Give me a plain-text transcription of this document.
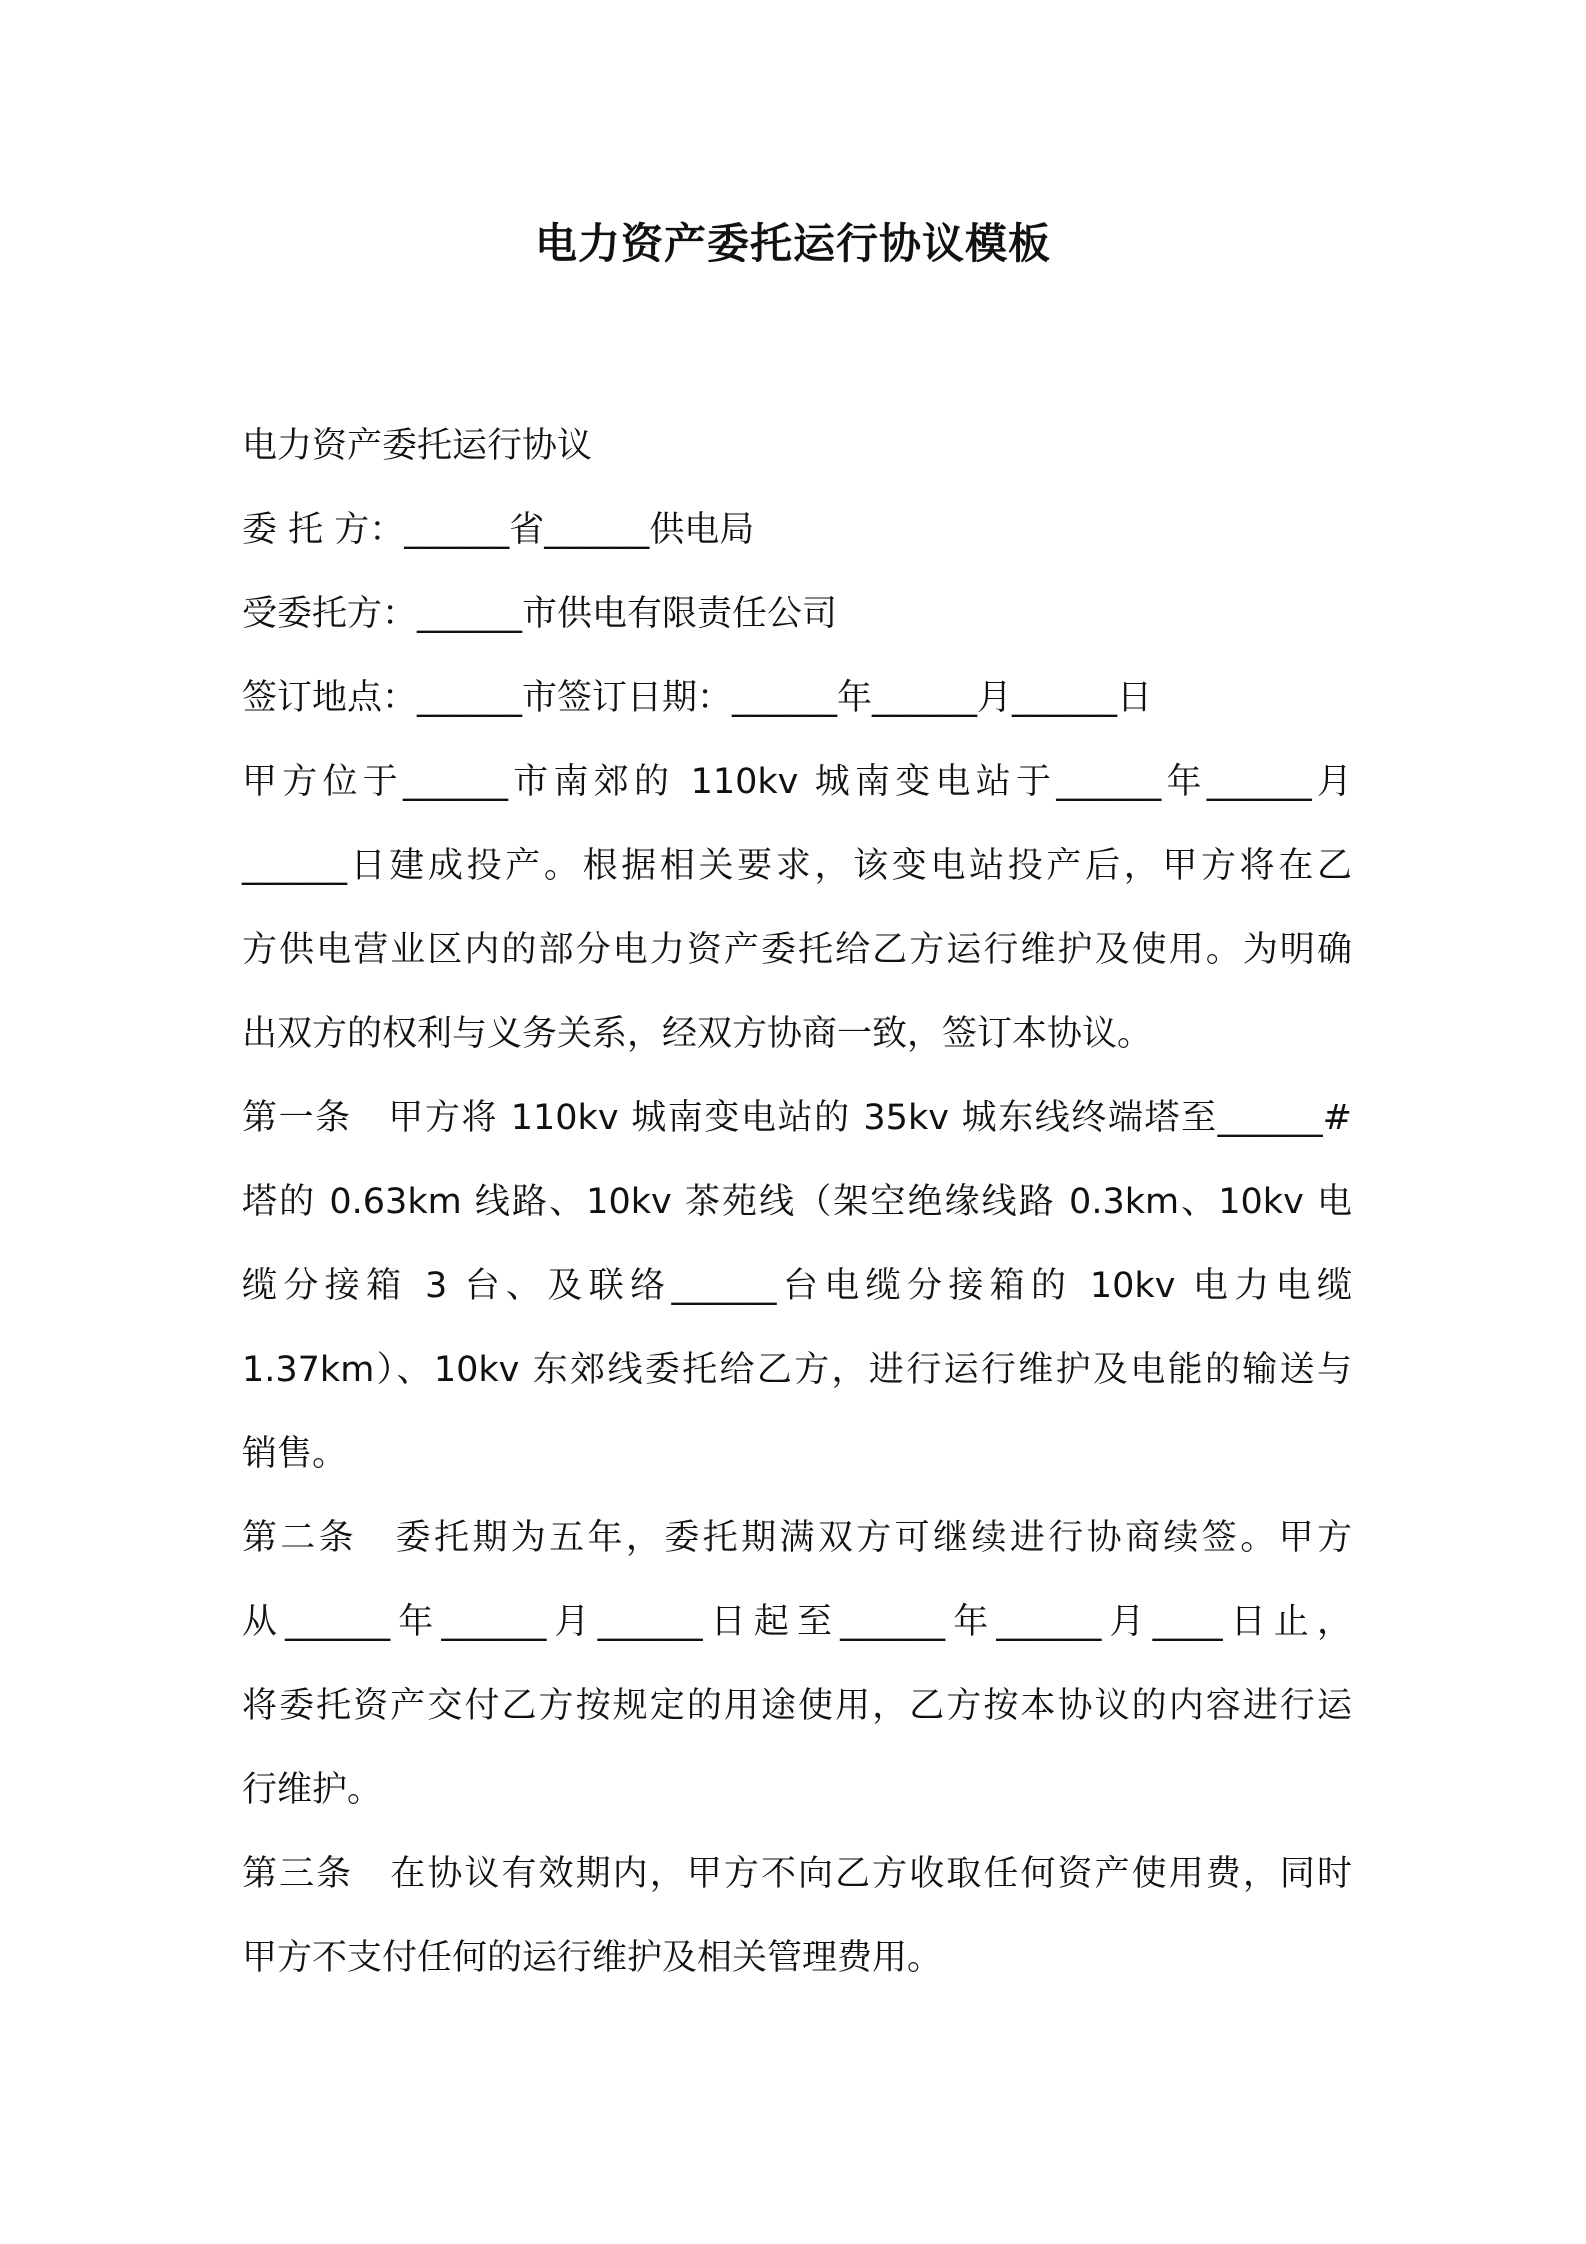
电力资产委托运行协议模板
电力资产委托运行协议
委 托 方：______省______供电局
受委托方：______市供电有限责任公司
签订地点：______市签订日期：______年______月______日
甲方位于______市南郊的 110kv 城南变电站于______年______月
______日建成投产。根据相关要求，该变电站投产后，甲方将在乙
方供电营业区内的部分电力资产委托给乙方运行维护及使用。为明确
出双方的权利与义务关系，经双方协商一致，签订本协议。
第一条　甲方将 110kv 城南变电站的 35kv 城东线终端塔至______#
塔的 0.63km 线路、10kv 茶苑线（架空绝缘线路 0.3km、10kv 电
缆分接箱 3 台、及联络______台电缆分接箱的 10kv 电力电缆
1.37km）、10kv 东郊线委托给乙方，进行运行维护及电能的输送与
销售。
第二条　委托期为五年，委托期满双方可继续进行协商续签。甲方
从______年______月______日起至______年______月____日止，
将委托资产交付乙方按规定的用途使用，乙方按本协议的内容进行运
行维护。
第三条　在协议有效期内，甲方不向乙方收取任何资产使用费，同时
甲方不支付任何的运行维护及相关管理费用。
